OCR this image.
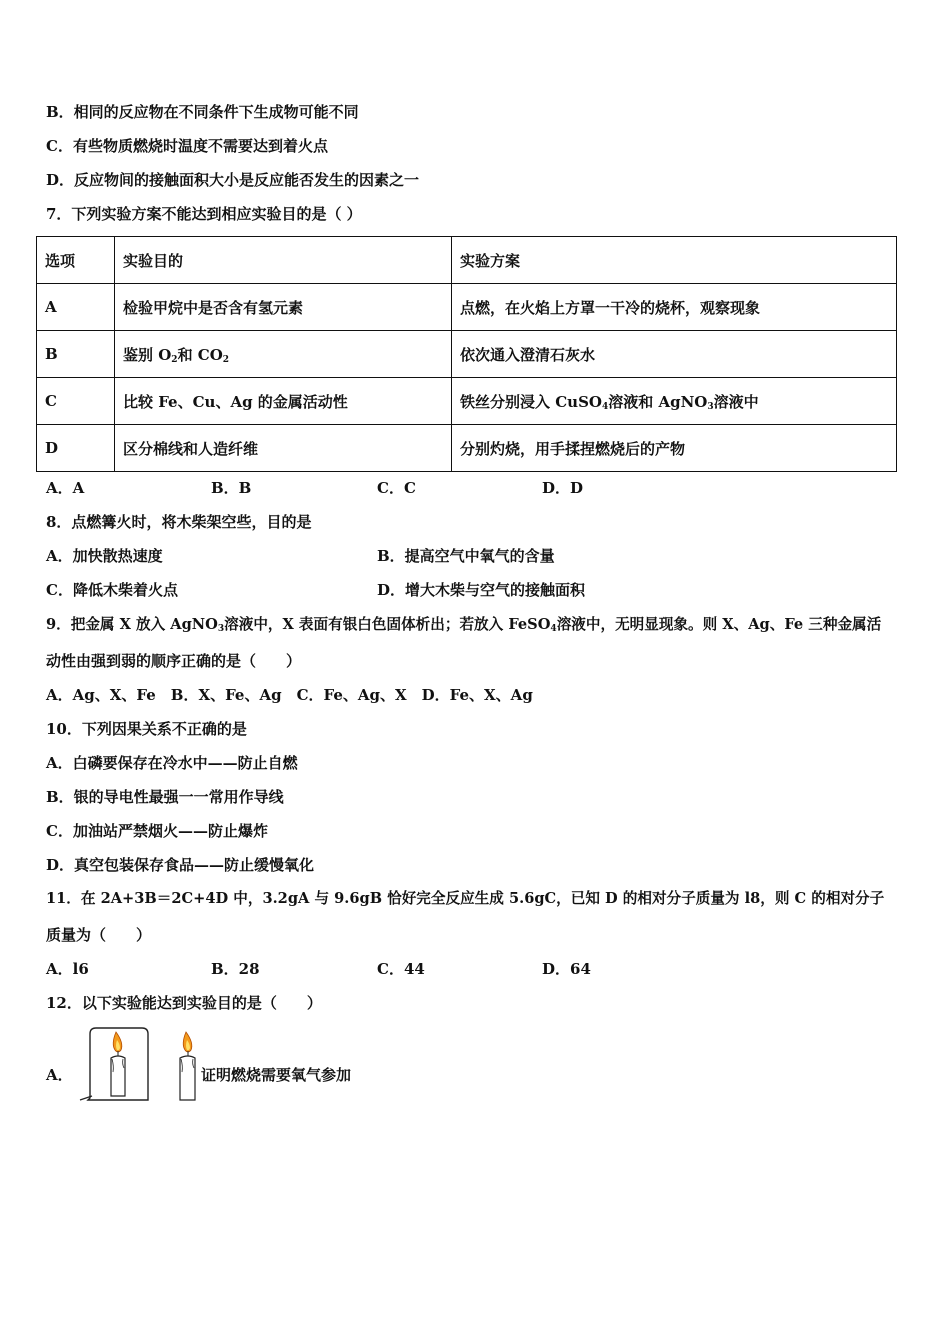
B．相同的反应物在不同条件下生成物可能不同
C．有些物质燃烧时温度不需要达到着火点
D．反应物间的接触面积大小是反应能否发生的因素之一
7．下列实验方案不能达到相应实验目的是（ ）
选项	实验目的	实验方案
A	检验甲烷中是否含有氢元素	点燃，在火焰上方罩一干冷的烧杯，观察现象
B	鉴别 $O_2$和 $CO_2$	依次通入澄清石灰水
C	比较 Fe、Cu、Ag 的金属活动性	铁丝分别浸入 CuSO$_4$溶液和 AgNO$_3$溶液中
D	区分棉线和人造纤维	分别灼烧，用手揉捏燃烧后的产物
A．A	B．B	C．C	D．D
8．点燃篝火时，将木柴架空些，目的是
A．加快散热速度	B．提高空气中氧气的含量
C．降低木柴着火点	D．增大木柴与空气的接触面积
9．把金属 X 放入 AgNO$_3$溶液中，X 表面有银白色固体析出；若放入 FeSO$_4$溶液中，无明显现象。则 X、Ag、Fe 三种金属活
动性由强到弱的顺序正确的是（　　）
A．Ag、X、Fe　B．X、Fe、Ag　C．Fe、Ag、X　D．Fe、X、Ag
10．下列因果关系不正确的是
A．白磷要保存在冷水中——防止自燃
B．银的导电性最强一一常用作导线
C．加油站严禁烟火——防止爆炸
D．真空包装保存食品——防止缓慢氧化
11．在 2A+3B＝2C+4D 中，3.2gA 与 9.6gB 恰好完全反应生成 5.6gC，已知 D 的相对分子质量为 l8，则 C 的相对分子
质量为（　　）
A．l6	B．28	C．44	D．64
12．以下实验能达到实验目的是（　　）
A．	证明燃烧需要氧气参加
